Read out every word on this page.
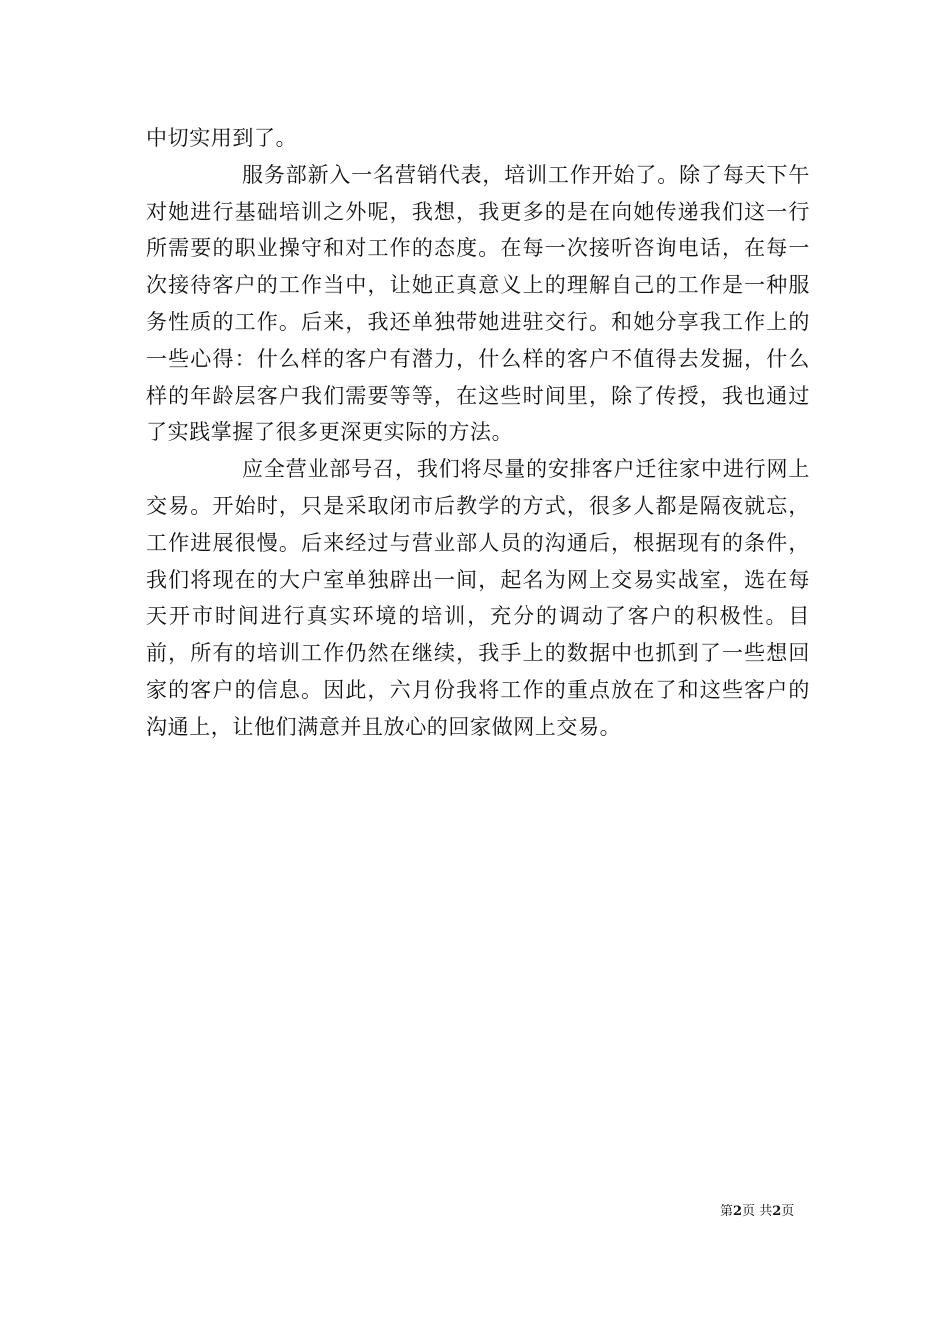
中切实用到了。

服务部新入一名营销代表，培训工作开始了。除了每天下午对她进行基础培训之外呢，我想，我更多的是在向她传递我们这一行所需要的职业操守和对工作的态度。在每一次接听咨询电话，在每一次接待客户的工作当中，让她正真意义上的理解自己的工作是一种服务性质的工作。后来，我还单独带她进驻交行。和她分享我工作上的一些心得：什么样的客户有潜力，什么样的客户不值得去发掘，什么样的年龄层客户我们需要等等，在这些时间里，除了传授，我也通过了实践掌握了很多更深更实际的方法。

应全营业部号召，我们将尽量的安排客户迁往家中进行网上交易。开始时，只是采取闭市后教学的方式，很多人都是隔夜就忘，工作进展很慢。后来经过与营业部人员的沟通后，根据现有的条件，我们将现在的大户室单独辟出一间，起名为网上交易实战室，选在每天开市时间进行真实环境的培训，充分的调动了客户的积极性。目前，所有的培训工作仍然在继续，我手上的数据中也抓到了一些想回家的客户的信息。因此，六月份我将工作的重点放在了和这些客户的沟通上，让他们满意并且放心的回家做网上交易。

第2页 共2页
